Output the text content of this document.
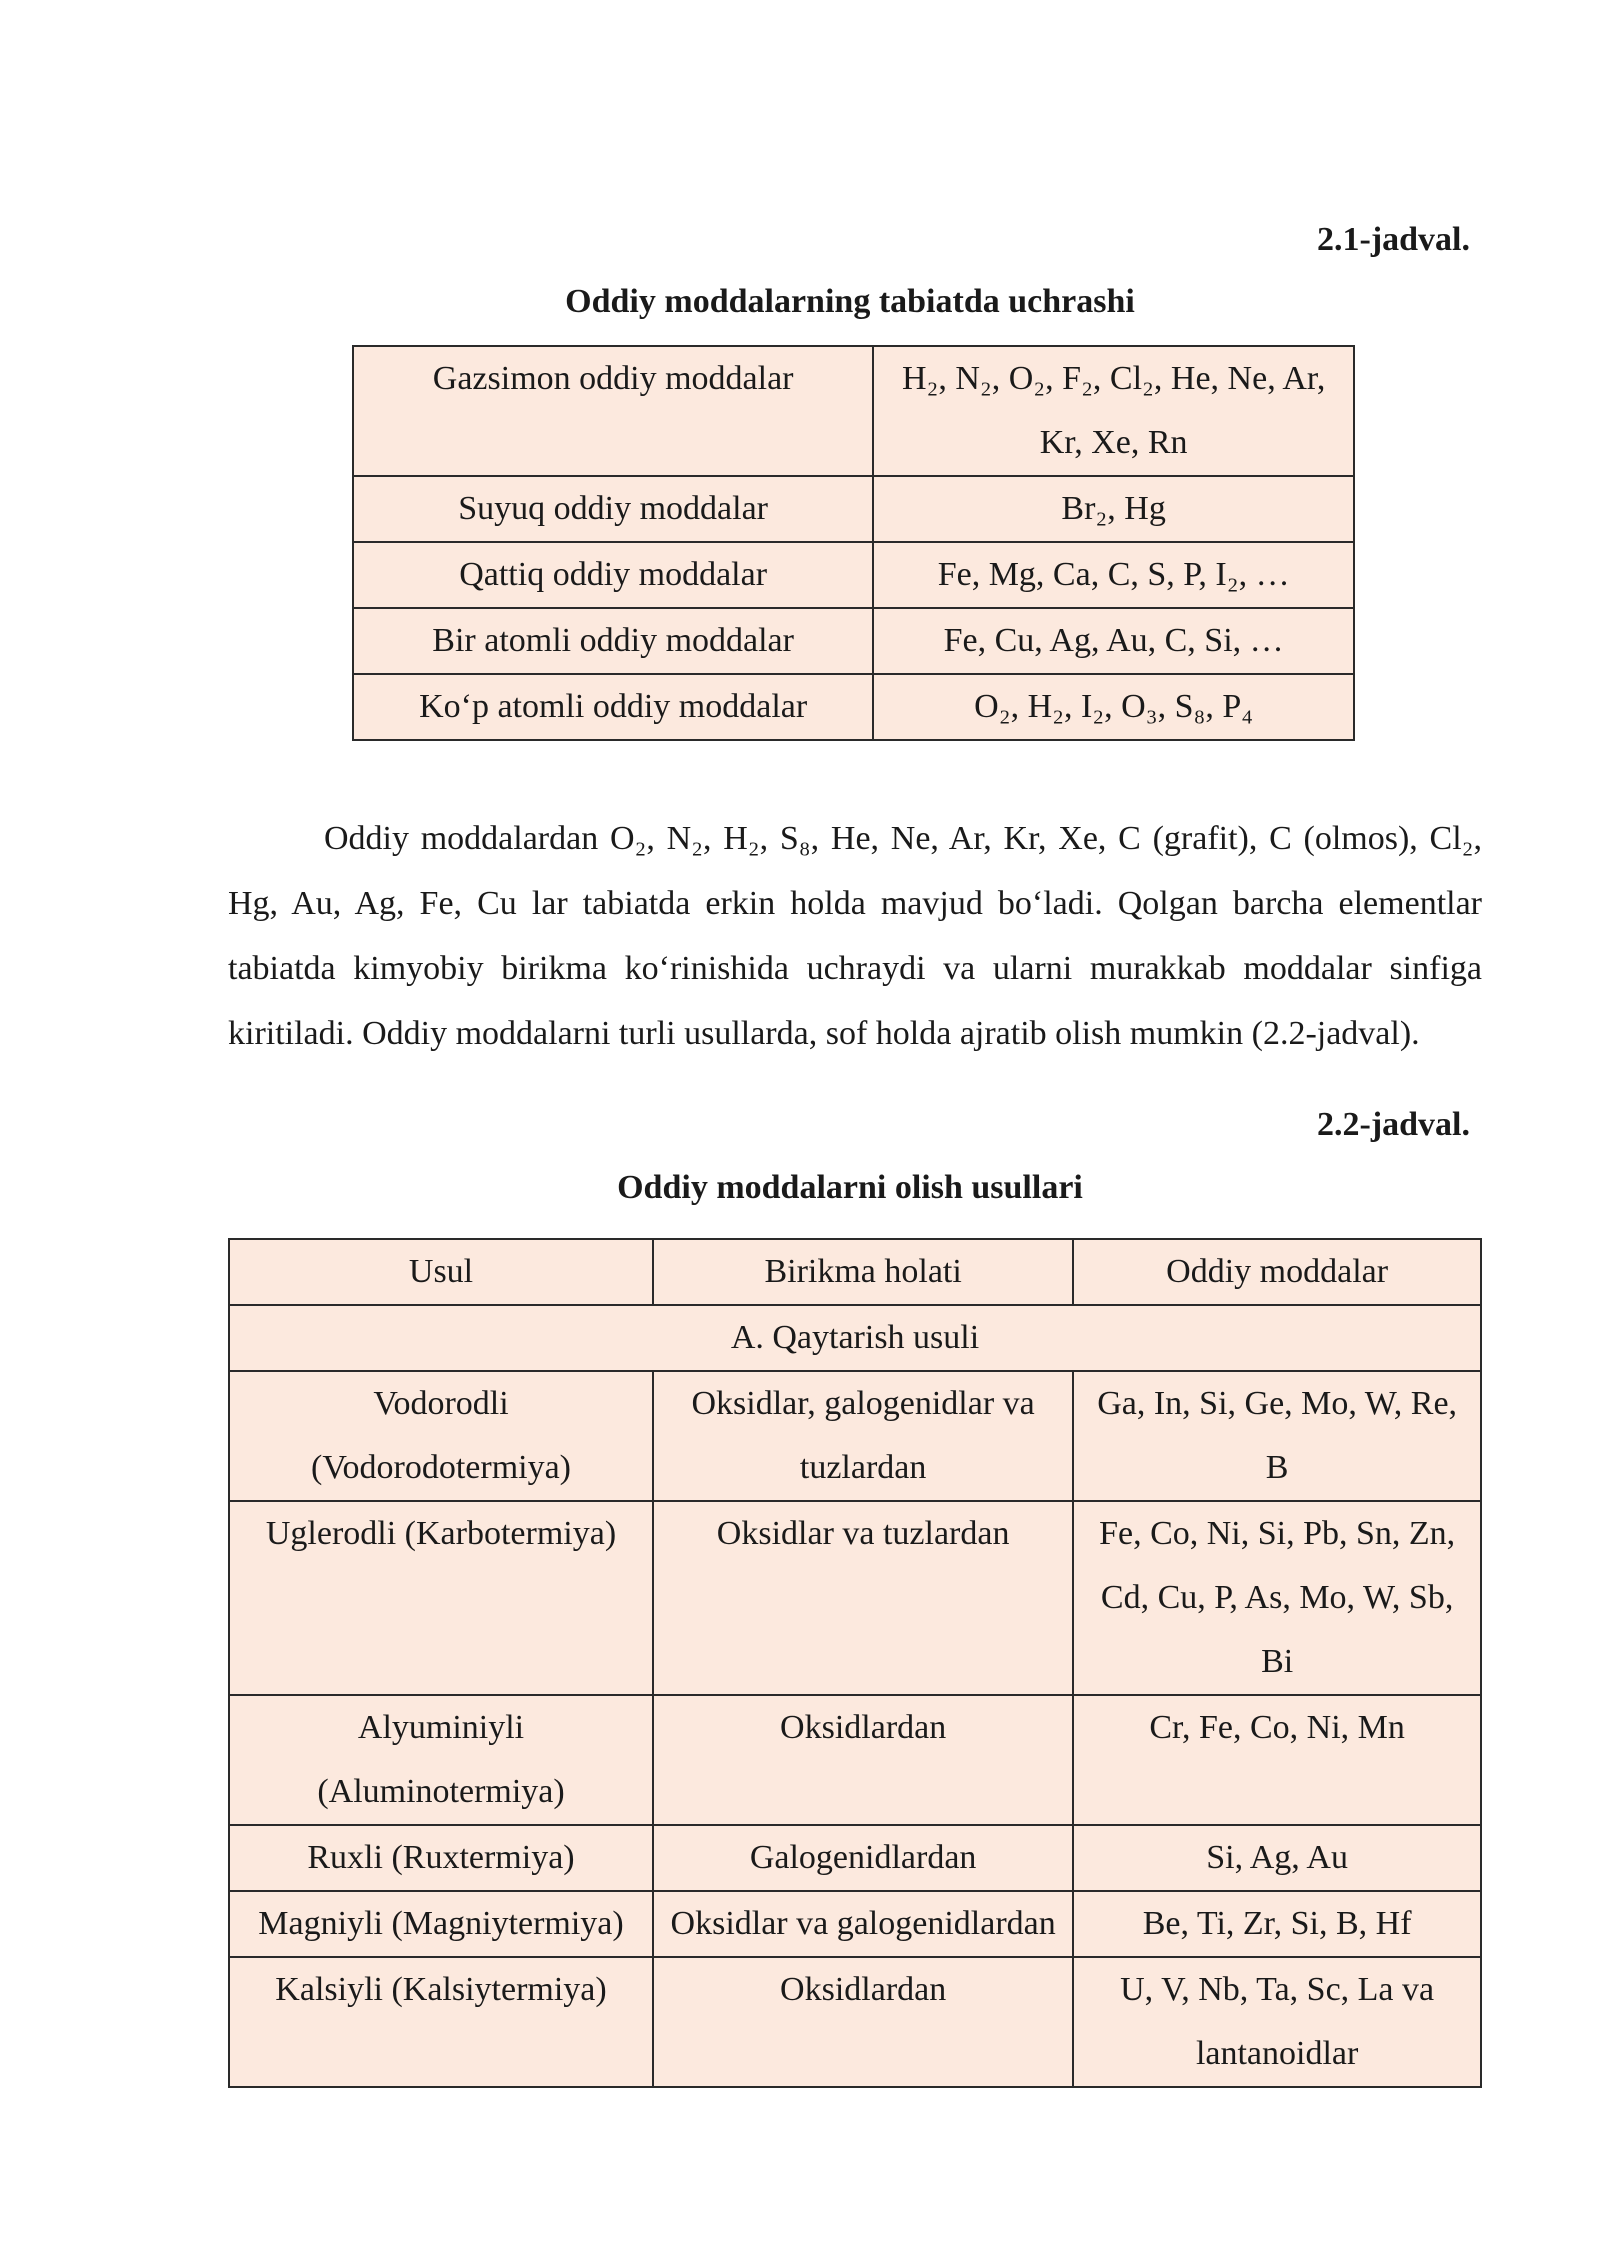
2.1-jadval.
Oddiy moddalarning tabiatda uchrashi
Gazsimon oddiy moddalar	H₂, N₂, O₂, F₂, Cl₂, He, Ne, Ar, Kr, Xe, Rn
Suyuq oddiy moddalar	Br₂, Hg
Qattiq oddiy moddalar	Fe, Mg, Ca, C, S, P, I₂, …
Bir atomli oddiy moddalar	Fe, Cu, Ag, Au, C, Si, …
Ko‘p atomli oddiy moddalar	O₂, H₂, I₂, O₃, S₈, P₄

Oddiy moddalardan O₂, N₂, H₂, S₈, He, Ne, Ar, Kr, Xe, C (grafit), C (olmos), Cl₂, Hg, Au, Ag, Fe, Cu lar tabiatda erkin holda mavjud bo‘ladi. Qolgan barcha elementlar tabiatda kimyobiy birikma ko‘rinishida uchraydi va ularni murakkab moddalar sinfiga kiritiladi. Oddiy moddalarni turli usullarda, sof holda ajratib olish mumkin (2.2-jadval).

2.2-jadval.
Oddiy moddalarni olish usullari
Usul	Birikma holati	Oddiy moddalar
A. Qaytarish usuli		
Vodorodli (Vodorodotermiya)	Oksidlar, galogenidlar va tuzlardan	Ga, In, Si, Ge, Mo, W, Re, B
Uglerodli (Karbotermiya)	Oksidlar va tuzlardan	Fe, Co, Ni, Si, Pb, Sn, Zn, Cd, Cu, P, As, Mo, W, Sb, Bi
Alyuminiyli (Aluminotermiya)	Oksidlardan	Cr, Fe, Co, Ni, Mn
Ruxli (Ruxtermiya)	Galogenidlardan	Si, Ag, Au
Magniyli (Magniytermiya)	Oksidlar va galogenidlardan	Be, Ti, Zr, Si, B, Hf
Kalsiyli (Kalsiytermiya)	Oksidlardan	U, V, Nb, Ta, Sc, La va lantanoidlar
